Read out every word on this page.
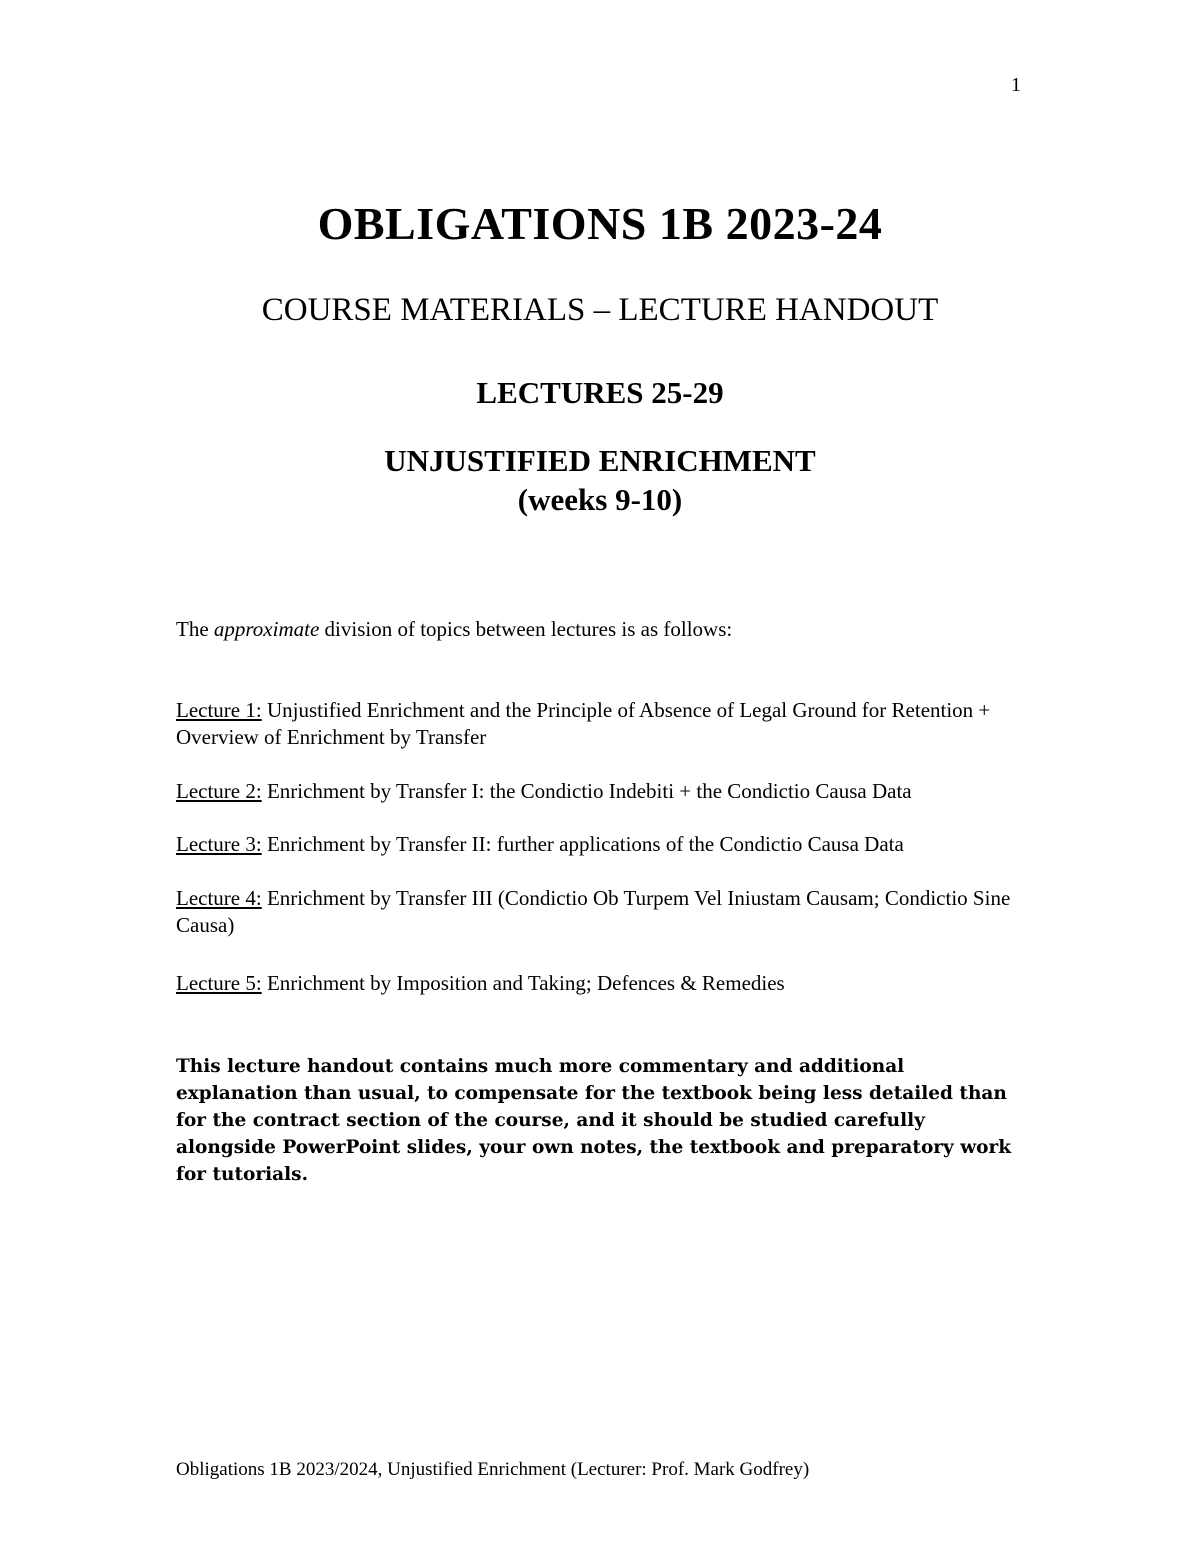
1
OBLIGATIONS 1B 2023-24
COURSE MATERIALS – LECTURE HANDOUT
LECTURES 25-29
UNJUSTIFIED ENRICHMENT
(weeks 9-10)

The approximate division of topics between lectures is as follows:

Lecture 1: Unjustified Enrichment and the Principle of Absence of Legal Ground for Retention + Overview of Enrichment by Transfer
Lecture 2: Enrichment by Transfer I: the Condictio Indebiti + the Condictio Causa Data
Lecture 3: Enrichment by Transfer II: further applications of the Condictio Causa Data
Lecture 4: Enrichment by Transfer III (Condictio Ob Turpem Vel Iniustam Causam; Condictio Sine Causa)
Lecture 5: Enrichment by Imposition and Taking; Defences & Remedies

This lecture handout contains much more commentary and additional explanation than usual, to compensate for the textbook being less detailed than for the contract section of the course, and it should be studied carefully alongside PowerPoint slides, your own notes, the textbook and preparatory work for tutorials.

Obligations 1B 2023/2024, Unjustified Enrichment (Lecturer: Prof. Mark Godfrey)
